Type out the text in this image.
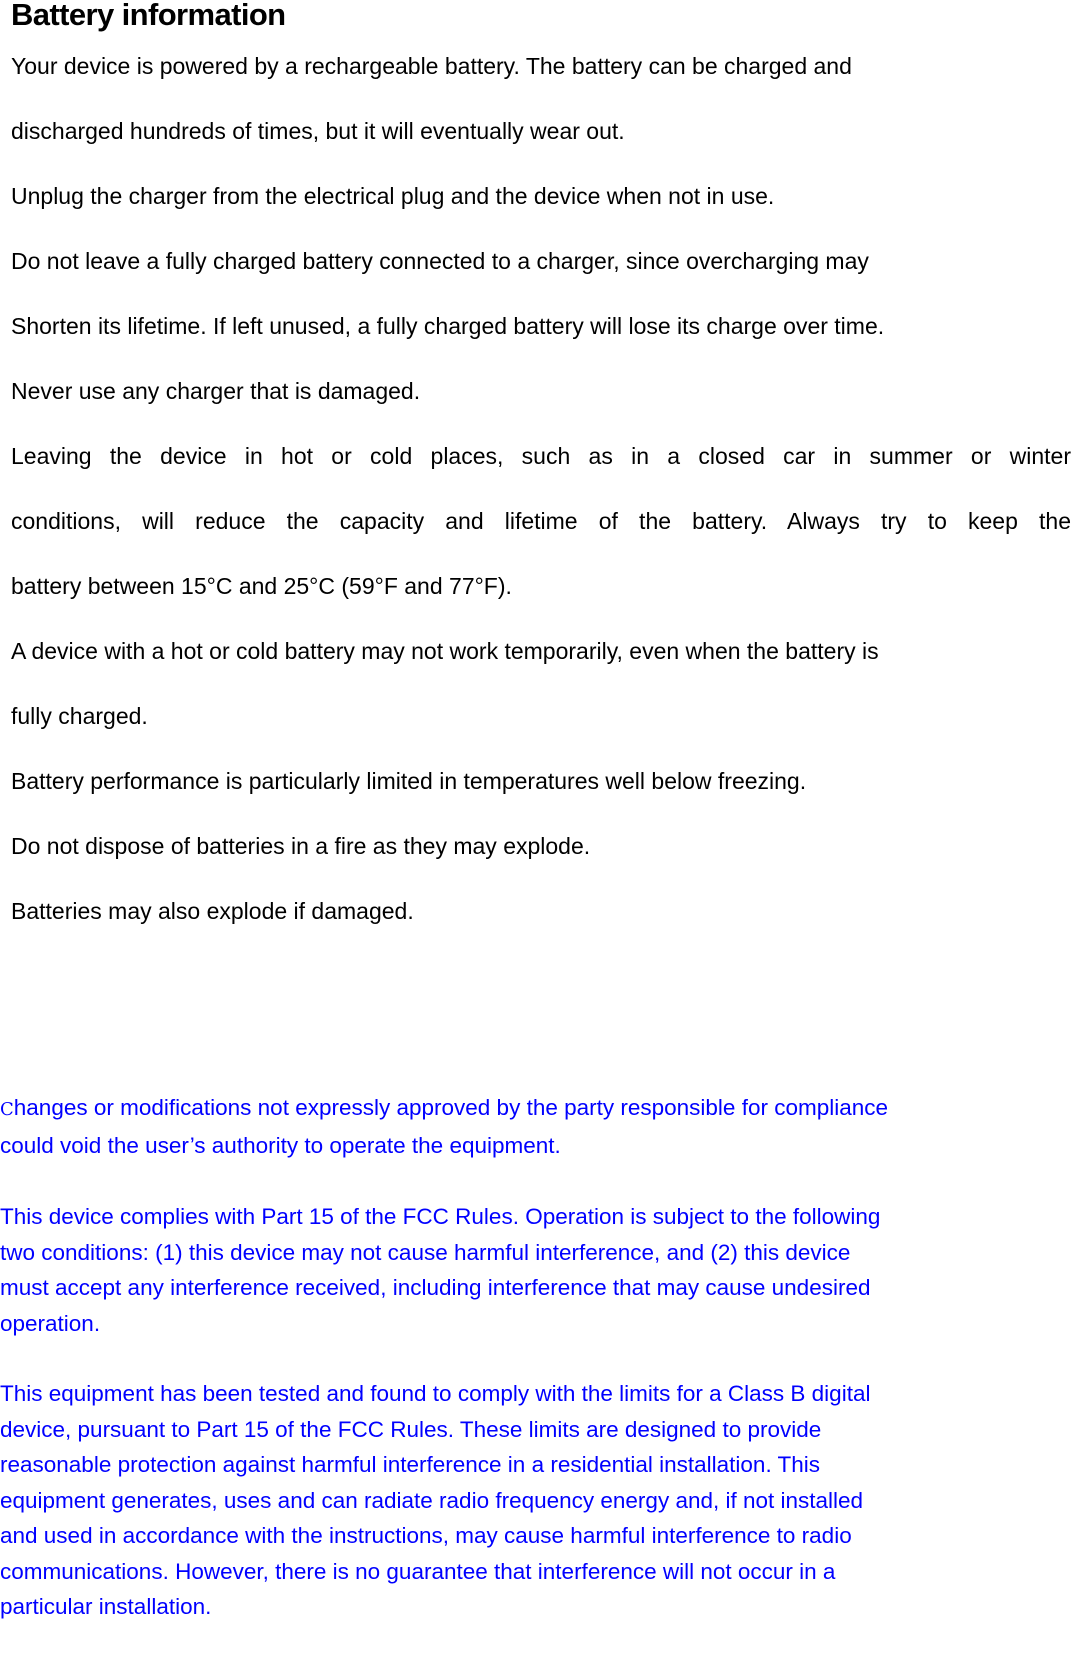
Battery information

Your device is powered by a rechargeable battery. The battery can be charged and

discharged hundreds of times, but it will eventually wear out.

Unplug the charger from the electrical plug and the device when not in use.

Do not leave a fully charged battery connected to a charger, since overcharging may

Shorten its lifetime. If left unused, a fully charged battery will lose its charge over time.

Never use any charger that is damaged.

Leaving the device in hot or cold places, such as in a closed car in summer or winter

conditions, will reduce the capacity and lifetime of the battery. Always try to keep the

battery between 15°C and 25°C (59°F and 77°F).

A device with a hot or cold battery may not work temporarily, even when the battery is

fully charged.

Battery performance is particularly limited in temperatures well below freezing.

Do not dispose of batteries in a fire as they may explode.

Batteries may also explode if damaged.

Changes or modifications not expressly approved by the party responsible for compliance
could void the user’s authority to operate the equipment.

This device complies with Part 15 of the FCC Rules. Operation is subject to the following
two conditions: (1) this device may not cause harmful interference, and (2) this device
must accept any interference received, including interference that may cause undesired
operation.

This equipment has been tested and found to comply with the limits for a Class B digital
device, pursuant to Part 15 of the FCC Rules. These limits are designed to provide
reasonable protection against harmful interference in a residential installation. This
equipment generates, uses and can radiate radio frequency energy and, if not installed
and used in accordance with the instructions, may cause harmful interference to radio
communications. However, there is no guarantee that interference will not occur in a
particular installation.
